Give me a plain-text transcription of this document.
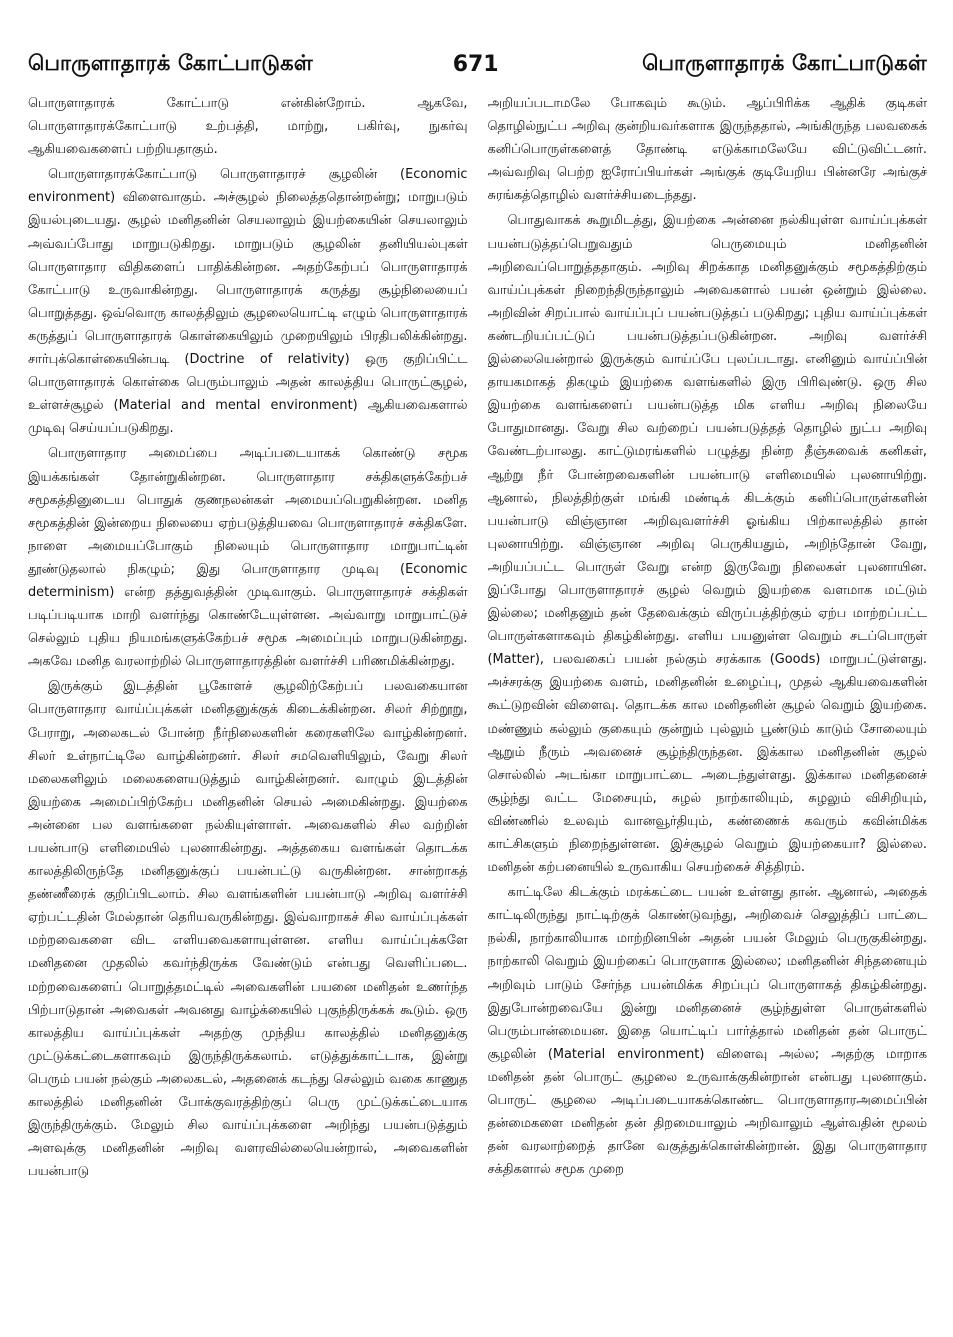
பொருளாதாரக் கோட்பாடுகள்	671	பொருளாதாரக் கோட்பாடுகள்

பொருளாதாரக் கோட்பாடு என்கின்றோம். ஆகவே, பொருளாதாரக்கோட்பாடு உற்பத்தி, மாற்று, பகிர்வு, நுகர்வு ஆகியவைகளைப் பற்றியதாகும்.

பொருளாதாரக்கோட்பாடு பொருளாதாரச் சூழலின் (Economic environment) விளைவாகும். அச்சூழல் நிலைத்ததொன்றன்று; மாறுபடும் இயல்புடையது. சூழல் மனிதனின் செயலாலும் இயற்கையின் செயலாலும் அவ்வப்போது மாறுபடுகிறது. மாறுபடும் சூழலின் தனியியல்புகள் பொருளாதார விதிகளைப் பாதிக்கின்றன. அதற்கேற்பப் பொருளாதாரக் கோட்பாடு உருவாகின்றது. பொருளாதாரக் கருத்து சூழ்நிலையைப் பொறுத்தது. ஒவ்வொரு காலத்திலும் சூழலையொட்டி எழும் பொருளாதாரக் கருத்துப் பொருளாதாரக் கொள்கையிலும் முறையிலும் பிரதிபலிக்கின்றது. சார்புக்கொள்கையின்படி (Doctrine of relativity) ஒரு குறிப்பிட்ட பொருளாதாரக் கொள்கை பெரும்பாலும் அதன் காலத்திய பொருட்சூழல், உள்ளச்சூழல் (Material and mental environment) ஆகியவைகளால் முடிவு செய்யப்படுகிறது.

பொருளாதார அமைப்பை அடிப்படையாகக் கொண்டு சமூக இயக்கங்கள் தோன்றுகின்றன. பொருளாதார சக்திகளுக்கேற்பச் சமூகத்தினுடைய பொதுக் குணநலன்கள் அமையப்பெறுகின்றன. மனித சமூகத்தின் இன்றைய நிலையை ஏற்படுத்தியவை பொருளாதாரச் சக்திகளே. நாளை அமையப்போகும் நிலையும் பொருளாதார மாறுபாட்டின் தூண்டுதலால் நிகழும்; இது பொருளாதார முடிவு (Economic determinism) என்ற தத்துவத்தின் முடிவாகும். பொருளாதாரச் சக்திகள் படிப்படியாக மாறி வளர்ந்து கொண்டேயுள்ளன. அவ்வாறு மாறுபாட்டுச் செல்லும் புதிய நியமங்களுக்கேற்பச் சமூக அமைப்பும் மாறுபடுகின்றது. அகவே மனித வரலாற்றில் பொருளாதாரத்தின் வளர்ச்சி பரிணமிக்கின்றது.

இருக்கும் இடத்தின் பூகோளச் சூழலிற்கேற்பப் பலவகையான பொருளாதார வாய்ப்புக்கள் மனிதனுக்குக் கிடைக்கின்றன. சிலர் சிற்றூறு, பேராறு, அலைகடல் போன்ற நீர்நிலைகளின் கரைகளிலே வாழ்கின்றனர். சிலர் உள்நாட்டிலே வாழ்கின்றனர். சிலர் சமவெளியிலும், வேறு சிலர் மலைகளிலும் மலைகளையடுத்தும் வாழ்கின்றனர். வாழும் இடத்தின் இயற்கை அமைப்பிற்கேற்ப மனிதனின் செயல் அமைகின்றது. இயற்கை அன்னை பல வளங்களை நல்கியுள்ளாள். அவைகளில் சில வற்றின் பயன்பாடு எளிமையில் புலனாகின்றது. அத்தகைய வளங்கள் தொடக்க காலத்திலிருந்தே மனிதனுக்குப் பயன்பட்டு வருகின்றன. சான்றாகத் தண்ணீரைக் குறிப்பிடலாம். சில வளங்களின் பயன்பாடு அறிவு வளர்ச்சி ஏற்பட்டதின் மேல்தான் தெரியவருகின்றது. இவ்வாறாகச் சில வாய்ப்புக்கள் மற்றவைகளை விட எளியவைகளாயுள்ளன. எளிய வாய்ப்புக்களே மனிதனை முதலில் கவர்ந்திருக்க வேண்டும் என்பது வெளிப்படை. மற்றவைகளைப் பொறுத்தமட்டில் அவைகளின் பயனை மனிதன் உணர்ந்த பிற்பாடுதான் அவைகள் அவனது வாழ்க்கையில் புகுந்திருக்கக் கூடும். ஒரு காலத்திய வாய்ப்புக்கள் அதற்கு முந்திய காலத்தில் மனிதனுக்கு முட்டுக்கட்டைகளாகவும் இருந்திருக்கலாம். எடுத்துக்காட்டாக, இன்று பெரும் பயன் நல்கும் அலைகடல், அதனைக் கடந்து செல்லும் வகை காணுத காலத்தில் மனிதனின் போக்குவரத்திற்குப் பெரு முட்டுக்கட்டையாக இருந்திருக்கும். மேலும் சில வாய்ப்புக்களை அறிந்து பயன்படுத்தும் அளவுக்கு மனிதனின் அறிவு வளரவில்லையென்றால், அவைகளின் பயன்பாடு

அறியப்படாமலே போகவும் கூடும். ஆப்பிரிக்க ஆதிக் குடிகள் தொழில்நுட்ப அறிவு குன்றியவர்களாக இருந்ததால், அங்கிருந்த பலவகைக் கனிப்பொருள்களைத் தோண்டி எடுக்காமலேயே விட்டுவிட்டனர். அவ்வறிவு பெற்ற ஐரோப்பியர்கள் அங்குக் குடியேறிய பின்னரே அங்குச் சுரங்கத்தொழில் வளர்ச்சியடைந்தது.

பொதுவாகக் கூறுமிடத்து, இயற்கை அன்னை நல்கியுள்ள வாய்ப்புக்கள் பயன்படுத்தப்பெறுவதும் பெருமையும் மனிதனின் அறிவைப்பொறுத்ததாகும். அறிவு சிறக்காத மனிதனுக்கும் சமூகத்திற்கும் வாய்ப்புக்கள் நிறைந்திருந்தாலும் அவைகளால் பயன் ஒன்றும் இல்லை. அறிவின் சிறப்பால் வாய்ப்புப் பயன்படுத்தப் படுகிறது; புதிய வாய்ப்புக்கள் கண்டறியப்பட்டுப் பயன்படுத்தப்படுகின்றன. அறிவு வளர்ச்சி இல்லையென்றால் இருக்கும் வாய்ப்பே புலப்படாது. எனினும் வாய்ப்பின் தாயகமாகத் திகழும் இயற்கை வளங்களில் இரு பிரிவுண்டு. ஒரு சில இயற்கை வளங்களைப் பயன்படுத்த மிக எளிய அறிவு நிலையே போதுமானது. வேறு சில வற்றைப் பயன்படுத்தத் தொழில் நுட்ப அறிவு வேண்டற்பாலது. காட்டுமரங்களில் பழுத்து நின்ற தீஞ்சுவைக் கனிகள், ஆற்று நீர் போன்றவைகளின் பயன்பாடு எளிமையில் புலனாயிற்று. ஆனால், நிலத்திற்குள் மங்கி மண்டிக் கிடக்கும் கனிப்பொருள்களின் பயன்பாடு விஞ்ஞான அறிவுவளர்ச்சி ஓங்கிய பிற்காலத்தில் தான் புலனாயிற்று. விஞ்ஞான அறிவு பெருகியதும், அறிந்தோன் வேறு, அறியப்பட்ட பொருள் வேறு என்ற இருவேறு நிலைகள் புலனாயின. இப்போது பொருளாதாரச் சூழல் வெறும் இயற்கை வளமாக மட்டும் இல்லை; மனிதனும் தன் தேவைக்கும் விருப்பத்திற்கும் ஏற்ப மாற்றப்பட்ட பொருள்களாகவும் திகழ்கின்றது. எளிய பயனுள்ள வெறும் சடப்பொருள் (Matter), பலவகைப் பயன் நல்கும் சரக்காக (Goods) மாறுபட்டுள்ளது. அச்சரக்கு இயற்கை வளம், மனிதனின் உழைப்பு, முதல் ஆகியவைகளின் கூட்டுறவின் விளைவு. தொடக்க கால மனிதனின் சூழல் வெறும் இயற்கை. மண்ணும் கல்லும் குகையும் குன்றும் புல்லும் பூண்டும் காடும் சோலையும் ஆறும் நீரும் அவனைச் சூழ்ந்திருந்தன. இக்கால மனிதனின் சூழல் சொல்லில் அடங்கா மாறுபாட்டை அடைந்துள்ளது. இக்கால மனிதனைச் சூழ்ந்து வட்ட மேசையும், சுழல் நாற்காலியும், சுழலும் விசிறியும், விண்ணில் உலவும் வானவூர்தியும், கண்ணைக் கவரும் கவின்மிக்க காட்சிகளும் நிறைந்துள்ளன. இச்சூழல் வெறும் இயற்கையா? இல்லை. மனிதன் கற்பனையில் உருவாகிய செயற்கைச் சித்திரம்.

காட்டிலே கிடக்கும் மரக்கட்டை பயன் உள்ளது தான். ஆனால், அதைக் காட்டிலிருந்து நாட்டிற்குக் கொண்டுவந்து, அறிவைச் செலுத்திப் பாட்டை நல்கி, நாற்காலியாக மாற்றினபின் அதன் பயன் மேலும் பெருகுகின்றது. நாற்காலி வெறும் இயற்கைப் பொருளாக இல்லை; மனிதனின் சிந்தனையும் அறிவும் பாடும் சேர்ந்த பயன்மிக்க சிறப்புப் பொருளாகத் திகழ்கின்றது. இதுபோன்றவையே இன்று மனிதனைச் சூழ்ந்துள்ள பொருள்களில் பெரும்பான்மையன. இதை யொட்டிப் பார்த்தால் மனிதன் தன் பொருட் சூழலின் (Material environment) விளைவு அல்ல; அதற்கு மாறாக மனிதன் தன் பொருட் சூழலை உருவாக்குகின்றான் என்பது புலனாகும். பொருட் சூழலை அடிப்படையாகக்கொண்ட பொருளாதாரஅமைப்பின் தன்மைகளை மனிதன் தன் திறமையாலும் அறிவாலும் ஆள்வதின் மூலம் தன் வரலாற்றைத் தானே வகுத்துக்கொள்கின்றான். இது பொருளாதார சக்திகளால் சமூக முறை
